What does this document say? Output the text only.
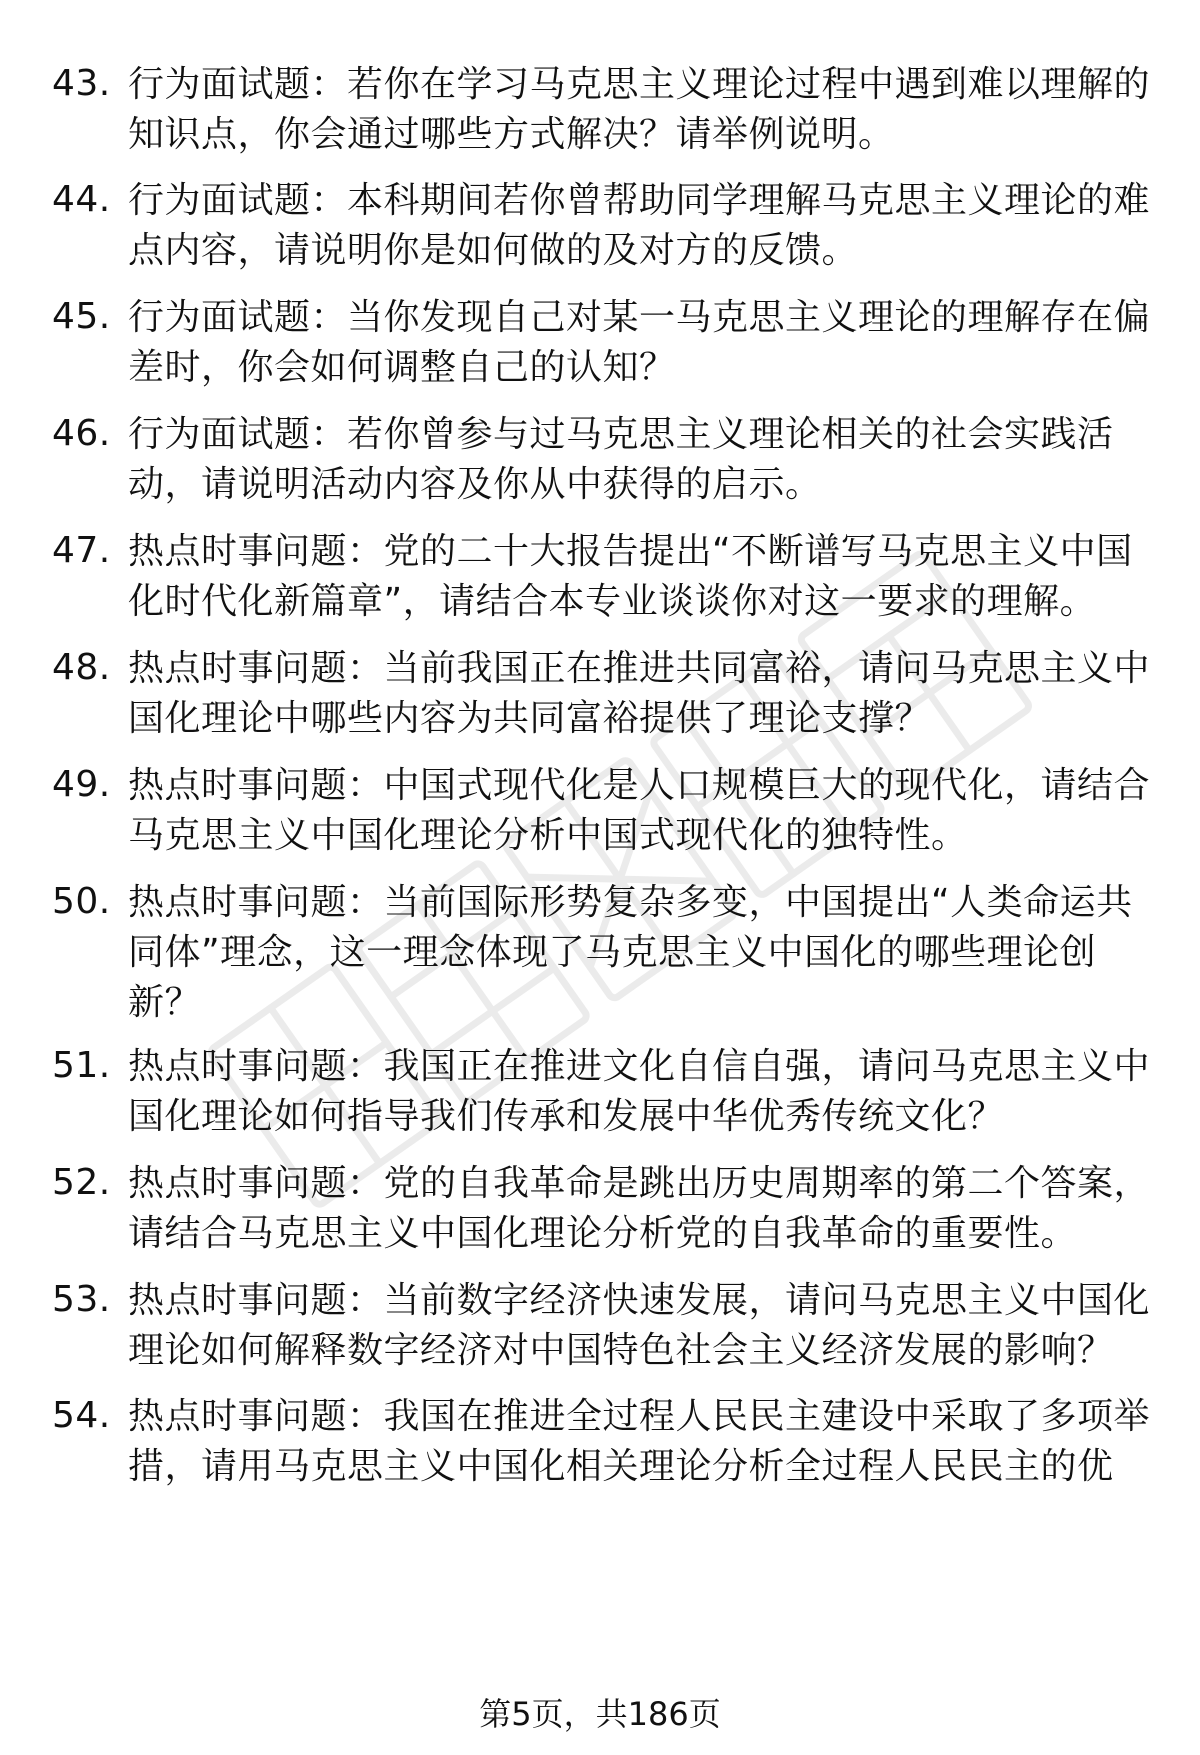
43. 行为面试题：若你在学习马克思主义理论过程中遇到难以理解的知识点，你会通过哪些方式解决？请举例说明。
44. 行为面试题：本科期间若你曾帮助同学理解马克思主义理论的难点内容，请说明你是如何做的及对方的反馈。
45. 行为面试题：当你发现自己对某一马克思主义理论的理解存在偏差时，你会如何调整自己的认知？
46. 行为面试题：若你曾参与过马克思主义理论相关的社会实践活动，请说明活动内容及你从中获得的启示。
47. 热点时事问题：党的二十大报告提出“不断谱写马克思主义中国化时代化新篇章”，请结合本专业谈谈你对这一要求的理解。
48. 热点时事问题：当前我国正在推进共同富裕，请问马克思主义中国化理论中哪些内容为共同富裕提供了理论支撑？
49. 热点时事问题：中国式现代化是人口规模巨大的现代化，请结合马克思主义中国化理论分析中国式现代化的独特性。
50. 热点时事问题：当前国际形势复杂多变，中国提出“人类命运共同体”理念，这一理念体现了马克思主义中国化的哪些理论创新？
51. 热点时事问题：我国正在推进文化自信自强，请问马克思主义中国化理论如何指导我们传承和发展中华优秀传统文化？
52. 热点时事问题：党的自我革命是跳出历史周期率的第二个答案，请结合马克思主义中国化理论分析党的自我革命的重要性。
53. 热点时事问题：当前数字经济快速发展，请问马克思主义中国化理论如何解释数字经济对中国特色社会主义经济发展的影响？
54. 热点时事问题：我国在推进全过程人民民主建设中采取了多项举措，请用马克思主义中国化相关理论分析全过程人民民主的优
第5页，共186页
